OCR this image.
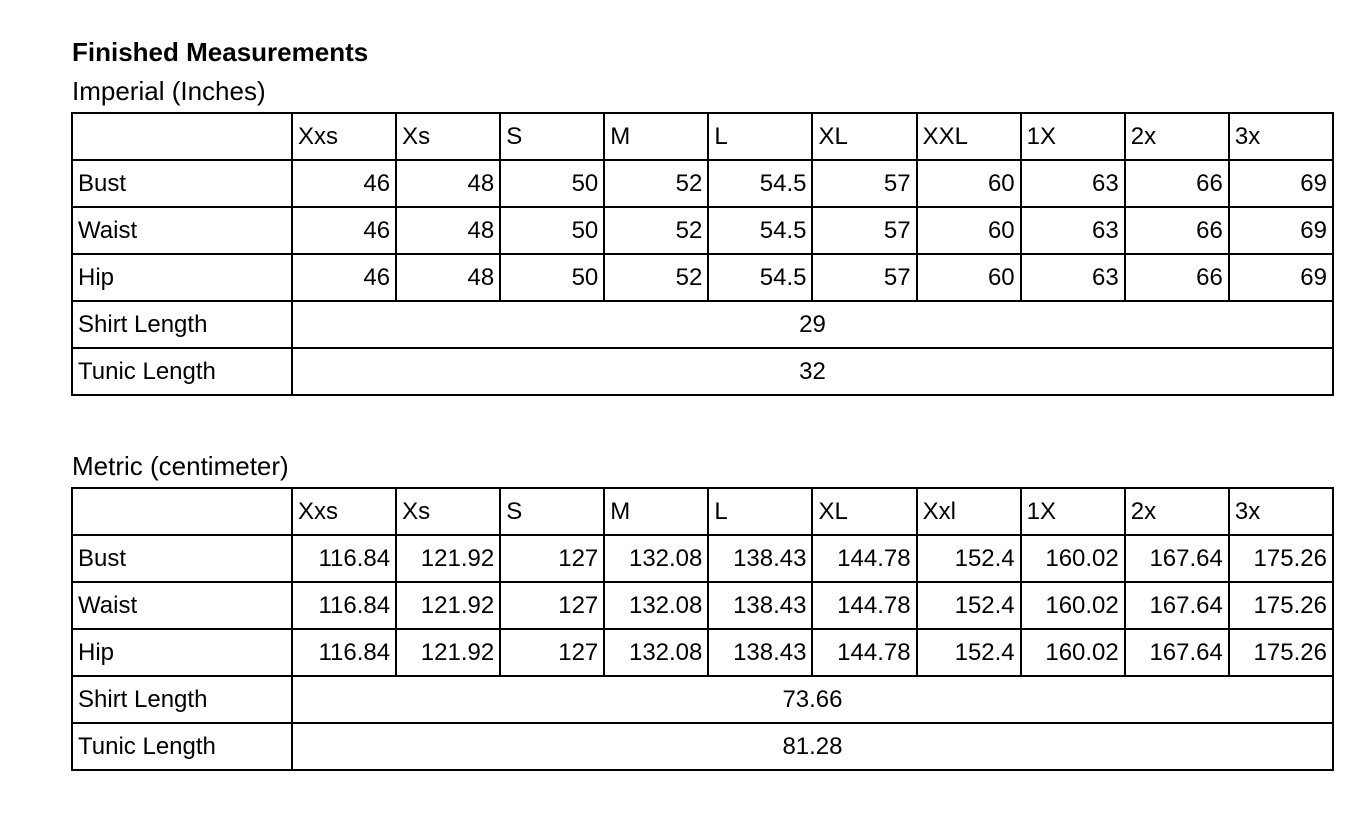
Finished Measurements
Imperial (Inches)
	Xxs	Xs	S	M	L	XL	XXL	1X	2x	3x
Bust	46	48	50	52	54.5	57	60	63	66	69
Waist	46	48	50	52	54.5	57	60	63	66	69
Hip	46	48	50	52	54.5	57	60	63	66	69
Shirt Length	29									
Tunic Length	32									
Metric (centimeter)
	Xxs	Xs	S	M	L	XL	Xxl	1X	2x	3x
Bust	116.84	121.92	127	132.08	138.43	144.78	152.4	160.02	167.64	175.26
Waist	116.84	121.92	127	132.08	138.43	144.78	152.4	160.02	167.64	175.26
Hip	116.84	121.92	127	132.08	138.43	144.78	152.4	160.02	167.64	175.26
Shirt Length	73.66									
Tunic Length	81.28									
